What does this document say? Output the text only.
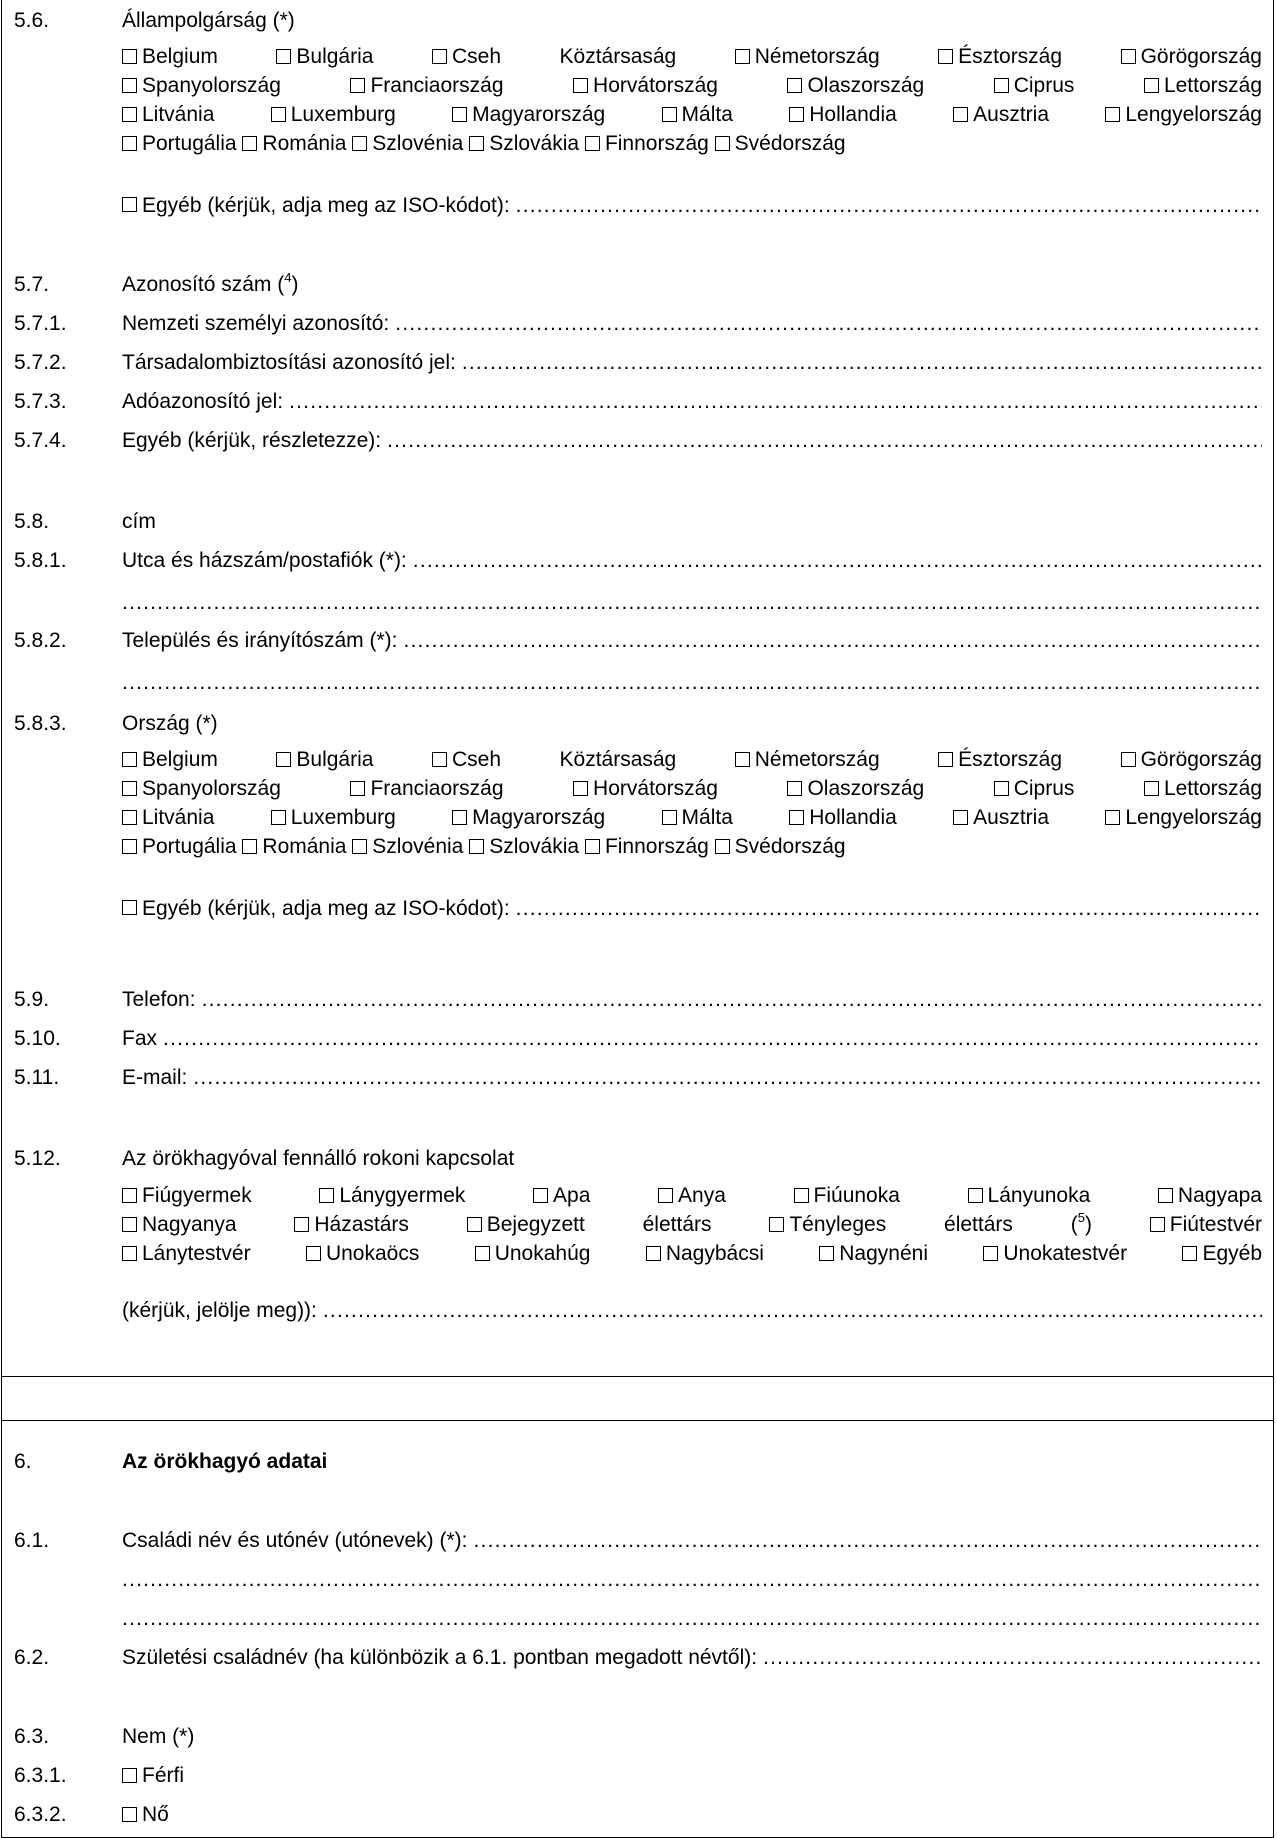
5.6.	Állampolgárság (*)
Belgium	Bulgária	Cseh Köztársaság	Németország	Észtország	Görögország
Spanyolország	Franciaország	Horvátország	Olaszország	Ciprus	Lettország
Litvánia	Luxemburg	Magyarország	Málta	Hollandia	Ausztria	Lengyelország
Portugália Románia Szlovénia Szlovákia Finnország Svédország
Egyéb (kérjük, adja meg az ISO-kódot):
.....
5.7.	Azonosító szám ($^4$)
5.7.1.	Nemzeti személyi azonosító:
.....
5.7.2.	Társadalombiztosítási azonosító jel:
.....
5.7.3.	Adóazonosító jel:
.....
5.7.4.	Egyéb (kérjük, részletezze):
.....
5.8.	cím
5.8.1.	Utca és házszám/postafiók (*):
.....
.....
5.8.2.	Település és irányítószám (*):
.....
.....
5.8.3.	Ország (*)
Belgium	Bulgária	Cseh Köztársaság	Németország	Észtország	Görögország
Spanyolország	Franciaország	Horvátország	Olaszország	Ciprus	Lettország
Litvánia	Luxemburg	Magyarország	Málta	Hollandia	Ausztria	Lengyelország
Portugália Románia Szlovénia Szlovákia Finnország Svédország
Egyéb (kérjük, adja meg az ISO-kódot):
.....
5.9.	Telefon:
.....
5.10.	Fax
.....
5.11.	E-mail:
.....
5.12.	Az örökhagyóval fennálló rokoni kapcsolat
Fiúgyermek	Lánygyermek	Apa	Anya	Fiúunoka	Lányunoka	Nagyapa
Nagyanya	Házastárs	Bejegyzett élettárs	Tényleges élettárs ($^5$)	Fiútestvér
Lánytestvér	Unokaöcs	Unokahúg	Nagybácsi	Nagynéni	Unokatestvér	Egyéb
(kérjük, jelölje meg)):
.....
6.	Az örökhagyó adatai
6.1.	Családi név és utónév (utónevek) (*):
.....
.....
.....
6.2.	Születési családnév (ha különbözik a 6.1. pontban megadott névtől):
.....
6.3.	Nem (*)
6.3.1.	Férfi
6.3.2.	Nő
